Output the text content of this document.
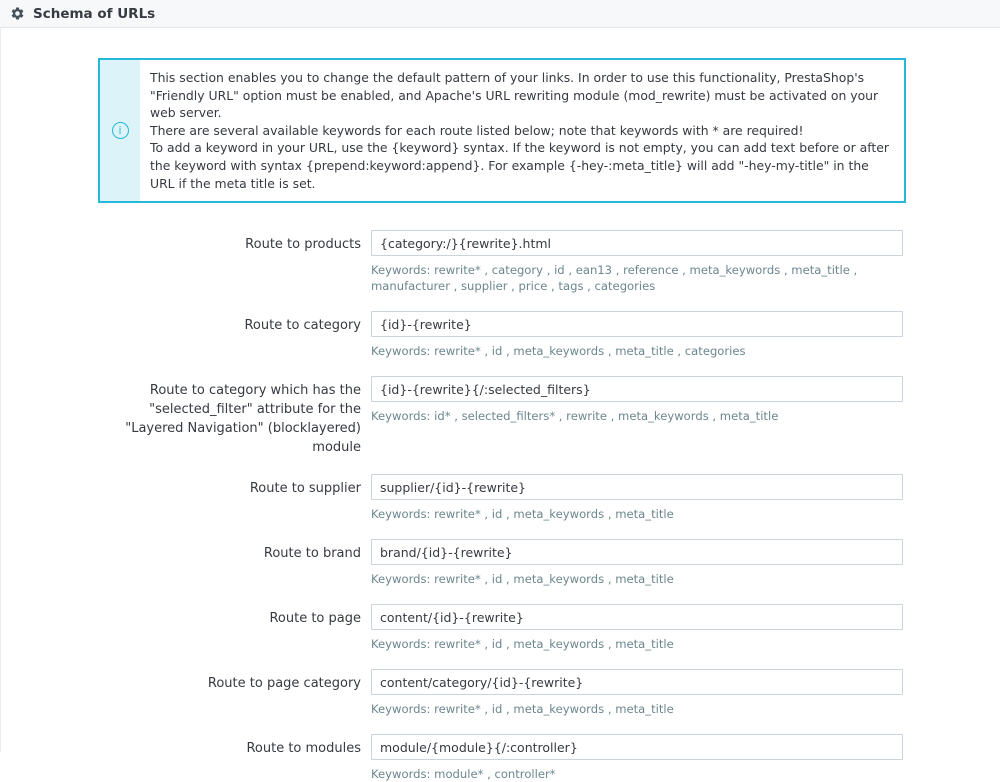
Schema of URLs
i

This section enables you to change the default pattern of your links. In order to use this functionality, PrestaShop's "Friendly URL" option must be enabled, and Apache's URL rewriting module (mod_rewrite) must be activated on your web server.

There are several available keywords for each route listed below; note that keywords with * are required!

To add a keyword in your URL, use the {keyword} syntax. If the keyword is not empty, you can add text before or after the keyword with syntax {prepend:keyword:append}. For example {-hey-:meta_title} will add "-hey-my-title" in the URL if the meta title is set.

Route to products
{category:/}{rewrite}.html
Keywords: rewrite* , category , id , ean13 , reference , meta_keywords , meta_title , manufacturer , supplier , price , tags , categories
Route to category
{id}-{rewrite}
Keywords: rewrite* , id , meta_keywords , meta_title , categories
Route to category which has the "selected_filter" attribute for the "Layered Navigation" (blocklayered) module
{id}-{rewrite}{/:selected_filters}
Keywords: id* , selected_filters* , rewrite , meta_keywords , meta_title
Route to supplier
supplier/{id}-{rewrite}
Keywords: rewrite* , id , meta_keywords , meta_title
Route to brand
brand/{id}-{rewrite}
Keywords: rewrite* , id , meta_keywords , meta_title
Route to page
content/{id}-{rewrite}
Keywords: rewrite* , id , meta_keywords , meta_title
Route to page category
content/category/{id}-{rewrite}
Keywords: rewrite* , id , meta_keywords , meta_title
Route to modules
module/{module}{/:controller}
Keywords: module* , controller*
